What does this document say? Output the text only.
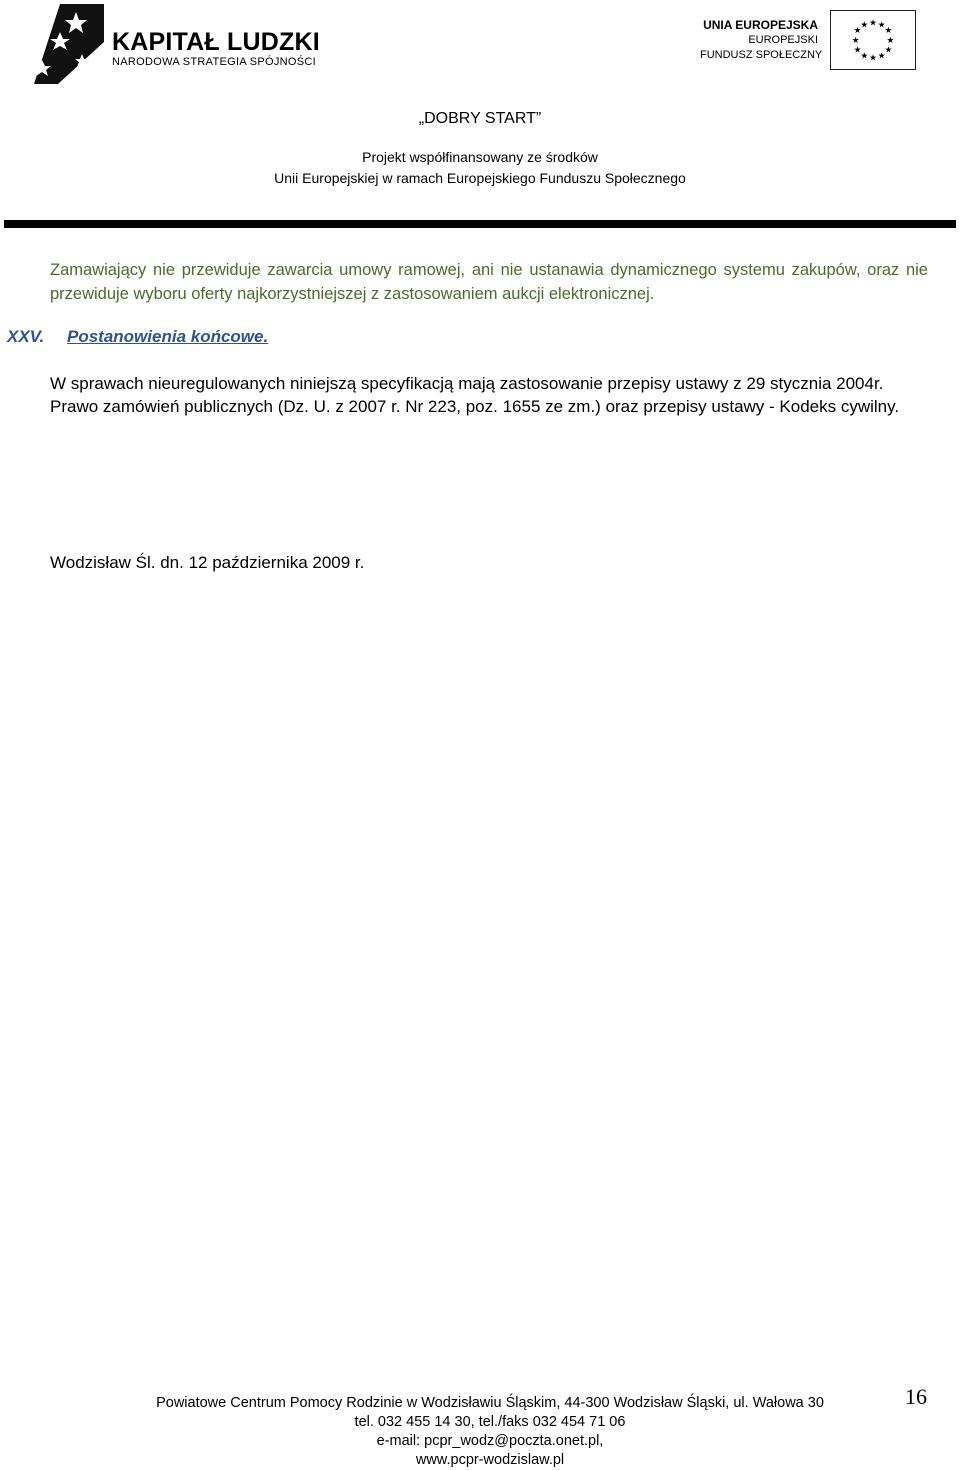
KAPITAŁ LUDZKI
NARODOWA STRATEGIA SPÓJNOŚCI
UNIA EUROPEJSKA
EUROPEJSKI
FUNDUSZ SPOŁECZNY
★ ★
★
★
★
★
★
★
★
★
★
★
„DOBRY START”
Projekt współfinansowany ze środków
Unii Europejskiej w ramach Europejskiego Funduszu Społecznego
Zamawiający nie przewiduje zawarcia umowy ramowej, ani nie ustanawia dynamicznego systemu zakupów, oraz nie przewiduje wyboru oferty najkorzystniejszej z zastosowaniem aukcji elektronicznej.
XXV. Postanowienia końcowe.
W sprawach nieuregulowanych niniejszą specyfikacją mają zastosowanie przepisy ustawy z 29 stycznia 2004r. Prawo zamówień publicznych (Dz. U. z 2007 r. Nr 223, poz. 1655 ze zm.) oraz przepisy ustawy - Kodeks cywilny.
Wodzisław Śl. dn. 12 października 2009 r.
Powiatowe Centrum Pomocy Rodzinie w Wodzisławiu Śląskim, 44-300 Wodzisław Śląski, ul. Wałowa 30
tel. 032 455 14 30, tel./faks 032 454 71 06
e-mail: pcpr_wodz@poczta.onet.pl,
www.pcpr-wodzislaw.pl
16
